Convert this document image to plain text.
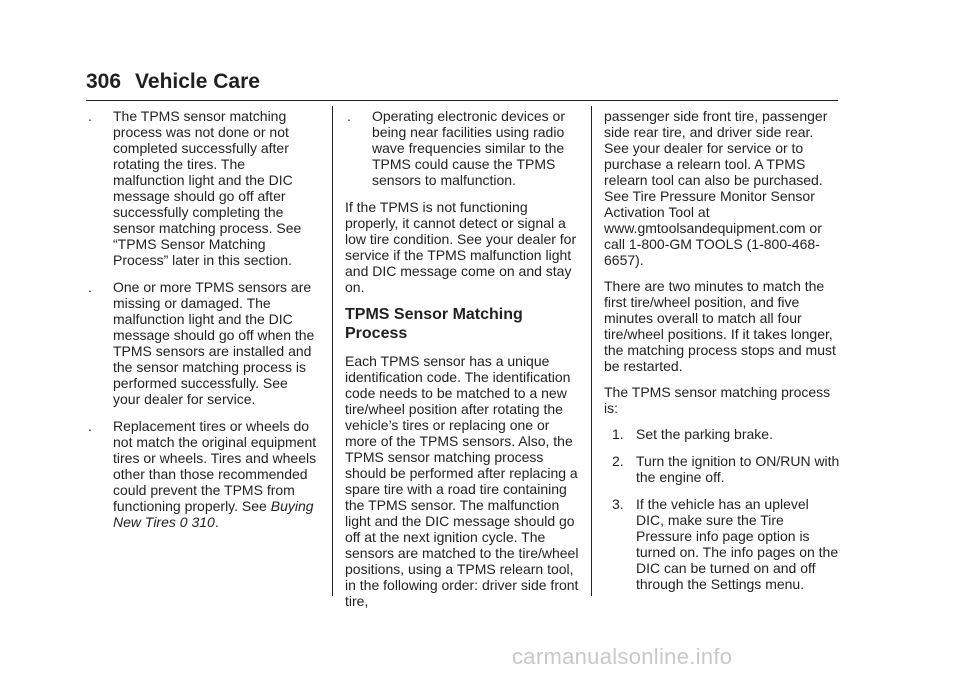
306 Vehicle Care
. The TPMS sensor matching process was not done or not completed successfully after rotating the tires. The malfunction light and the DIC message should go off after successfully completing the sensor matching process. See “TPMS Sensor Matching Process” later in this section.
. One or more TPMS sensors are missing or damaged. The malfunction light and the DIC message should go off when the TPMS sensors are installed and the sensor matching process is performed successfully. See your dealer for service.
. Replacement tires or wheels do not match the original equipment tires or wheels. Tires and wheels other than those recommended could prevent the TPMS from functioning properly. See Buying New Tires 0 310.
. Operating electronic devices or being near facilities using radio wave frequencies similar to the TPMS could cause the TPMS sensors to malfunction.

If the TPMS is not functioning properly, it cannot detect or signal a low tire condition. See your dealer for service if the TPMS malfunction light and DIC message come on and stay on.

TPMS Sensor Matching Process

Each TPMS sensor has a unique identification code. The identification code needs to be matched to a new tire/wheel position after rotating the vehicle’s tires or replacing one or more of the TPMS sensors. Also, the TPMS sensor matching process should be performed after replacing a spare tire with a road tire containing the TPMS sensor. The malfunction light and the DIC message should go off at the next ignition cycle. The sensors are matched to the tire/wheel positions, using a TPMS relearn tool, in the following order: driver side front tire,

passenger side front tire, passenger side rear tire, and driver side rear. See your dealer for service or to purchase a relearn tool. A TPMS relearn tool can also be purchased. See Tire Pressure Monitor Sensor Activation Tool at www.gmtoolsandequipment.com or call 1-800-GM TOOLS (1-800-468-6657).

There are two minutes to match the first tire/wheel position, and five minutes overall to match all four tire/wheel positions. If it takes longer, the matching process stops and must be restarted.

The TPMS sensor matching process is:

1. Set the parking brake.
2. Turn the ignition to ON/RUN with the engine off.
3. If the vehicle has an uplevel DIC, make sure the Tire Pressure info page option is turned on. The info pages on the DIC can be turned on and off through the Settings menu.
carmanualsonline.info
